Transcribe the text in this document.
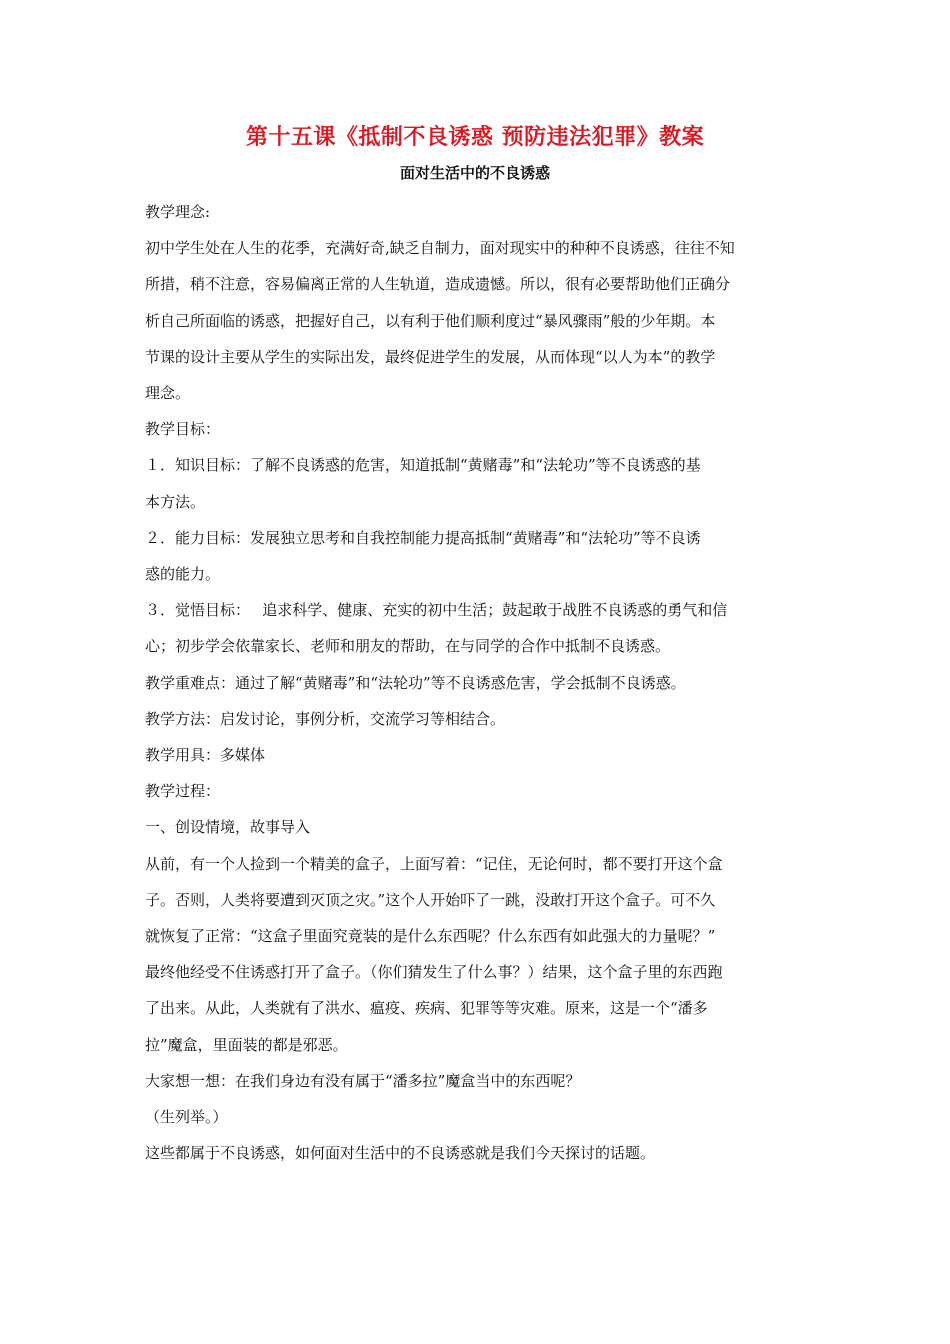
第十五课《抵制不良诱惑 预防违法犯罪》教案
面对生活中的不良诱惑

教学理念:

初中学生处在人生的花季，充满好奇,缺乏自制力，面对现实中的种种不良诱惑，往往不知

所措，稍不注意，容易偏离正常的人生轨道，造成遗憾。所以，很有必要帮助他们正确分

析自己所面临的诱惑，把握好自己，以有利于他们顺利度过“暴风骤雨”般的少年期。本

节课的设计主要从学生的实际出发，最终促进学生的发展，从而体现“以人为本”的教学

理念。

教学目标：

１．知识目标：了解不良诱惑的危害，知道抵制“黄赌毒”和“法轮功”等不良诱惑的基

本方法。

２．能力目标：发展独立思考和自我控制能力提高抵制“黄赌毒”和“法轮功”等不良诱

惑的能力。

３．觉悟目标：　 追求科学、健康、充实的初中生活；鼓起敢于战胜不良诱惑的勇气和信

心；初步学会依靠家长、老师和朋友的帮助，在与同学的合作中抵制不良诱惑。

教学重难点：通过了解“黄赌毒”和“法轮功”等不良诱惑危害，学会抵制不良诱惑。

教学方法：启发讨论，事例分析，交流学习等相结合。

教学用具：多媒体

教学过程：

一、创设情境，故事导入

从前，有一个人捡到一个精美的盒子，上面写着：“记住，无论何时，都不要打开这个盒

子。否则，人类将要遭到灭顶之灾。”这个人开始吓了一跳，没敢打开这个盒子。可不久

就恢复了正常：“这盒子里面究竟装的是什么东西呢？什么东西有如此强大的力量呢？”

最终他经受不住诱惑打开了盒子。（你们猜发生了什么事？）结果，这个盒子里的东西跑

了出来。从此，人类就有了洪水、瘟疫、疾病、犯罪等等灾难。原来，这是一个“潘多

拉”魔盒，里面装的都是邪恶。

大家想一想：在我们身边有没有属于“潘多拉”魔盒当中的东西呢？

（生列举。）

这些都属于不良诱惑，如何面对生活中的不良诱惑就是我们今天探讨的话题。
